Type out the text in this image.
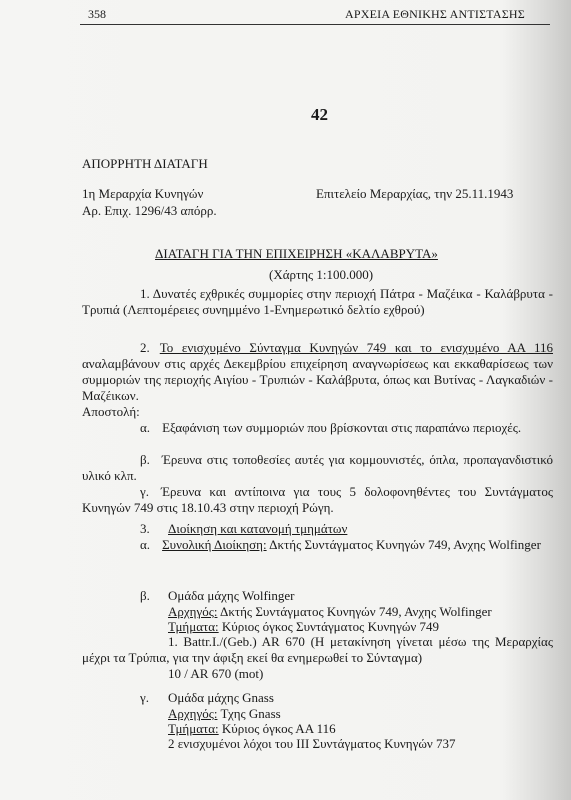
358	ΑΡΧΕΙΑ ΕΘΝΙΚΗΣ ΑΝΤΙΣΤΑΣΗΣ
42
ΑΠΟΡΡΗΤΗ ΔΙΑΤΑΓΗ
1η Μεραρχία Κυνηγών
Αρ. Επιχ. 1296/43 απόρρ.
Επιτελείο Μεραρχίας, την 25.11.1943
ΔΙΑΤΑΓΗ ΓΙΑ ΤΗΝ ΕΠΙΧΕΙΡΗΣΗ «ΚΑΛΑΒΡΥΤΑ»
(Χάρτης 1:100.000)
1. Δυνατές εχθρικές συμμορίες στην περιοχή Πάτρα - Μαζέικα - Καλάβρυτα - Τρυπιά (Λεπτομέρειες συνημμένο 1-Ενημερωτικό δελτίο εχθρού)
2. Το ενισχυμένο Σύνταγμα Κυνηγών 749 και το ενισχυμένο ΑΑ 116 αναλαμβάνουν στις αρχές Δεκεμβρίου επιχείρηση αναγνωρίσεως και εκκαθαρίσεως των συμμοριών της περιοχής Αιγίου - Τρυπιών - Καλάβρυτα, όπως και Βυτίνας - Λαγκαδιών - Μαζέικων.
Αποστολή:
α. Εξαφάνιση των συμμοριών που βρίσκονται στις παραπάνω περιοχές.
β. Έρευνα στις τοποθεσίες αυτές για κομμουνιστές, όπλα, προπαγανδιστικό υλικό κλπ.
γ. Έρευνα και αντίποινα για τους 5 δολοφονηθέντες του Συντάγματος Κυνηγών 749 στις 18.10.43 στην περιοχή Ρώγη.
3. Διοίκηση και κατανομή τμημάτων
α. Συνολική Διοίκηση: Δκτής Συντάγματος Κυνηγών 749, Ανχης Wolfinger
β. Ομάδα μάχης Wolfinger
Αρχηγός: Δκτής Συντάγματος Κυνηγών 749, Ανχης Wolfinger
Τμήματα: Κύριος όγκος Συντάγματος Κυνηγών 749
1. Battr.I./(Geb.) AR 670 (Η μετακίνηση γίνεται μέσω της Μεραρχίας μέχρι τα Τρύπια, για την άφιξη εκεί θα ενημερωθεί το Σύνταγμα)
10 / AR 670 (mot)
γ. Ομάδα μάχης Gnass
Αρχηγός: Τχης Gnass
Τμήματα: Κύριος όγκος ΑΑ 116
2 ενισχυμένοι λόχοι του ΙΙΙ Συντάγματος Κυνηγών 737
